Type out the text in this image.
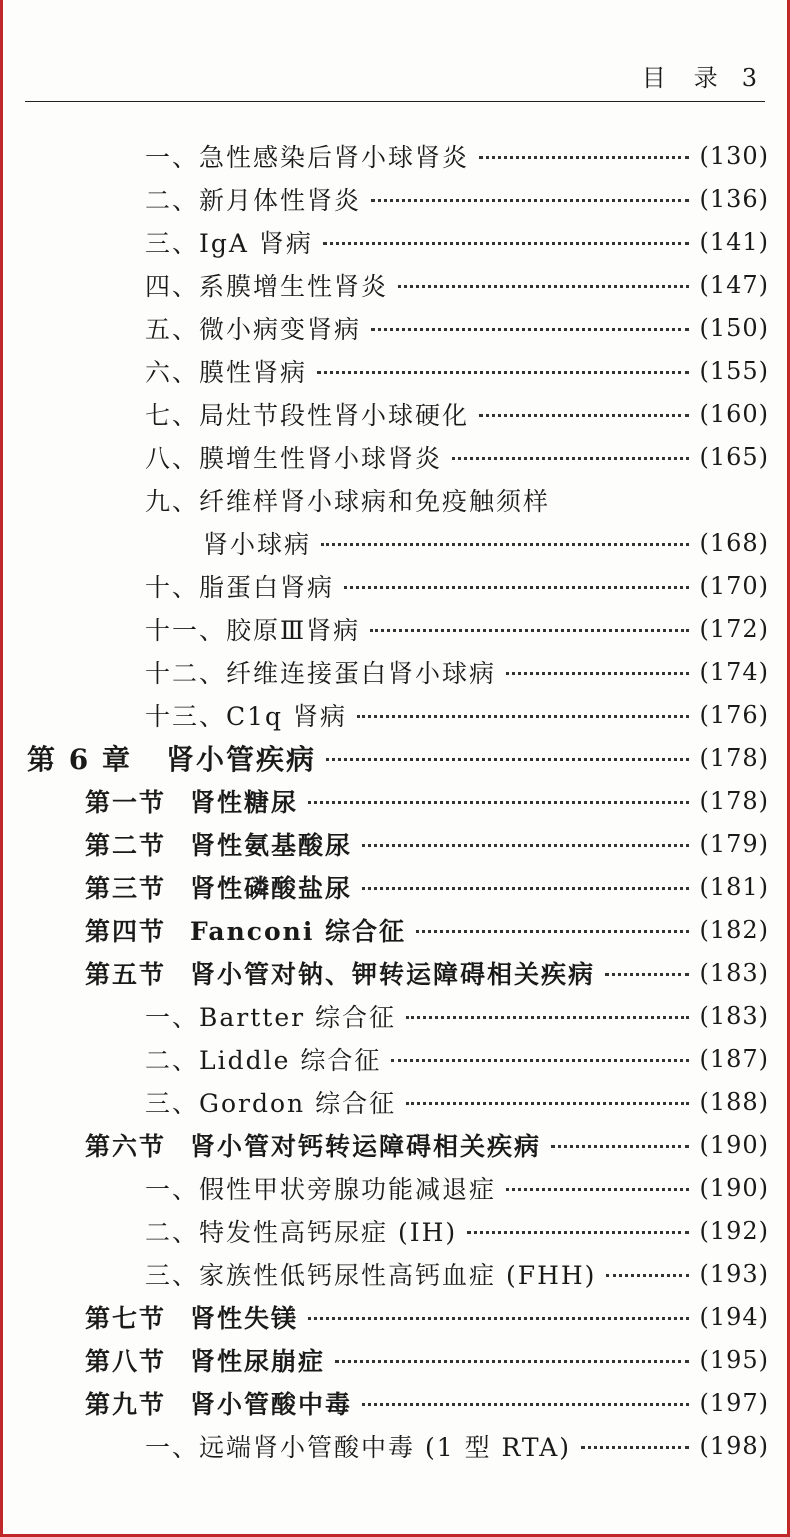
目　录 3
一、 急性感染后肾小球肾炎	(130)
二、 新月体性肾炎	(136)
三、 IgA 肾病	(141)
四、 系膜增生性肾炎	(147)
五、 微小病变肾病	(150)
六、 膜性肾病	(155)
七、 局灶节段性肾小球硬化	(160)
八、 膜增生性肾小球肾炎	(165)
九、 纤维样肾小球病和免疫触须样
肾小球病	(168)
十、 脂蛋白肾病	(170)
十一、 胶原Ⅲ肾病	(172)
十二、 纤维连接蛋白肾小球病	(174)
十三、 C1q 肾病	(176)
第 6 章 肾小管疾病	(178)
第一节 肾性糖尿	(178)
第二节 肾性氨基酸尿	(179)
第三节 肾性磷酸盐尿	(181)
第四节 Fanconi 综合征	(182)
第五节 肾小管对钠、钾转运障碍相关疾病	(183)
一、 Bartter 综合征	(183)
二、 Liddle 综合征	(187)
三、 Gordon 综合征	(188)
第六节 肾小管对钙转运障碍相关疾病	(190)
一、 假性甲状旁腺功能减退症	(190)
二、 特发性高钙尿症 (IH)	(192)
三、 家族性低钙尿性高钙血症 (FHH)	(193)
第七节 肾性失镁	(194)
第八节 肾性尿崩症	(195)
第九节 肾小管酸中毒	(197)
一、 远端肾小管酸中毒 (1 型 RTA)	(198)
